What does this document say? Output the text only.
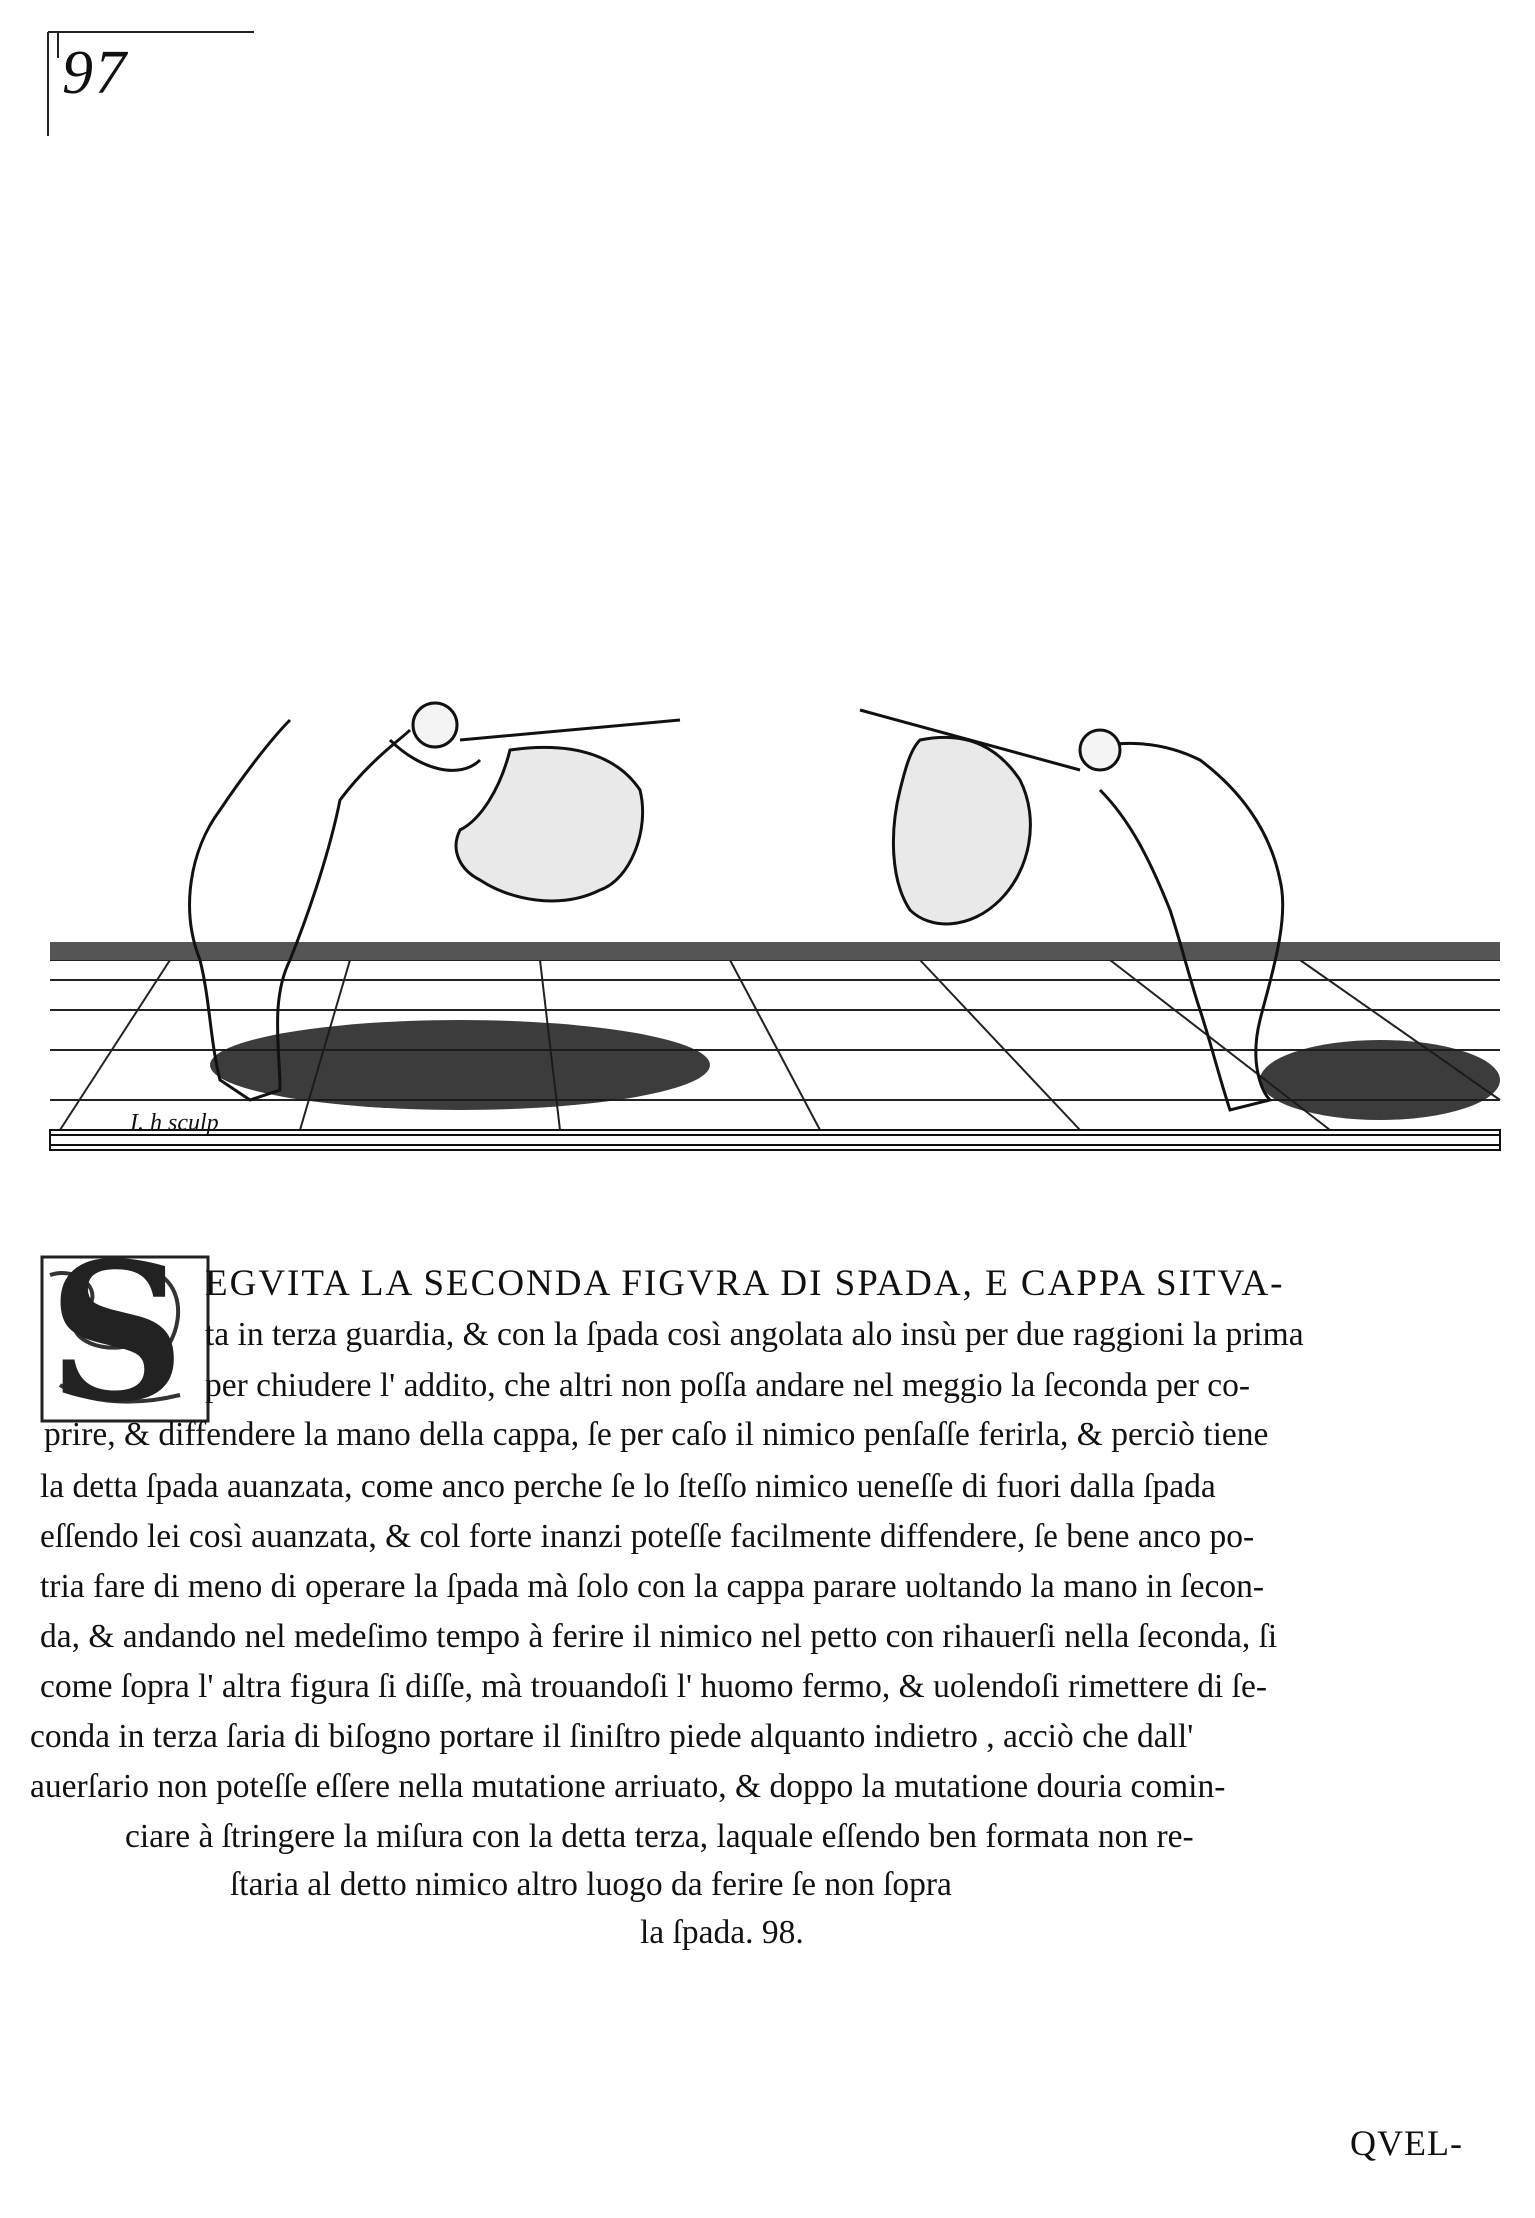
97
I. h sculp
S EGVITA LA SECONDA FIGVRA DI SPADA, E CAPPA SITVA-
ta in terza guardia, & con la ſpada così angolata alo insù per due raggioni la prima
per chiudere l' addito, che altri non poſſa andare nel meggio la ſeconda per co-
prire, & diffendere la mano della cappa, ſe per caſo il nimico penſaſſe ferirla, & perciò tiene
la detta ſpada auanzata, come anco perche ſe lo ſteſſo nimico ueneſſe di fuori dalla ſpada
eſſendo lei così auanzata, & col forte inanzi poteſſe facilmente diffendere, ſe bene anco po-
tria fare di meno di operare la ſpada mà ſolo con la cappa parare uoltando la mano in ſecon-
da, & andando nel medeſimo tempo à ferire il nimico nel petto con rihauerſi nella ſeconda, ſi
come ſopra l' altra figura ſi diſſe, mà trouandoſi l' huomo fermo, & uolendoſi rimettere di ſe-
conda in terza ſaria di biſogno portare il ſiniſtro piede alquanto indietro , acciò che dall'
auerſario non poteſſe eſſere nella mutatione arriuato, & doppo la mutatione douria comin-
ciare à ſtringere la miſura con la detta terza, laquale eſſendo ben formata non re-
ſtaria al detto nimico altro luogo da ferire ſe non ſopra
la ſpada. 98.
QVEL-
